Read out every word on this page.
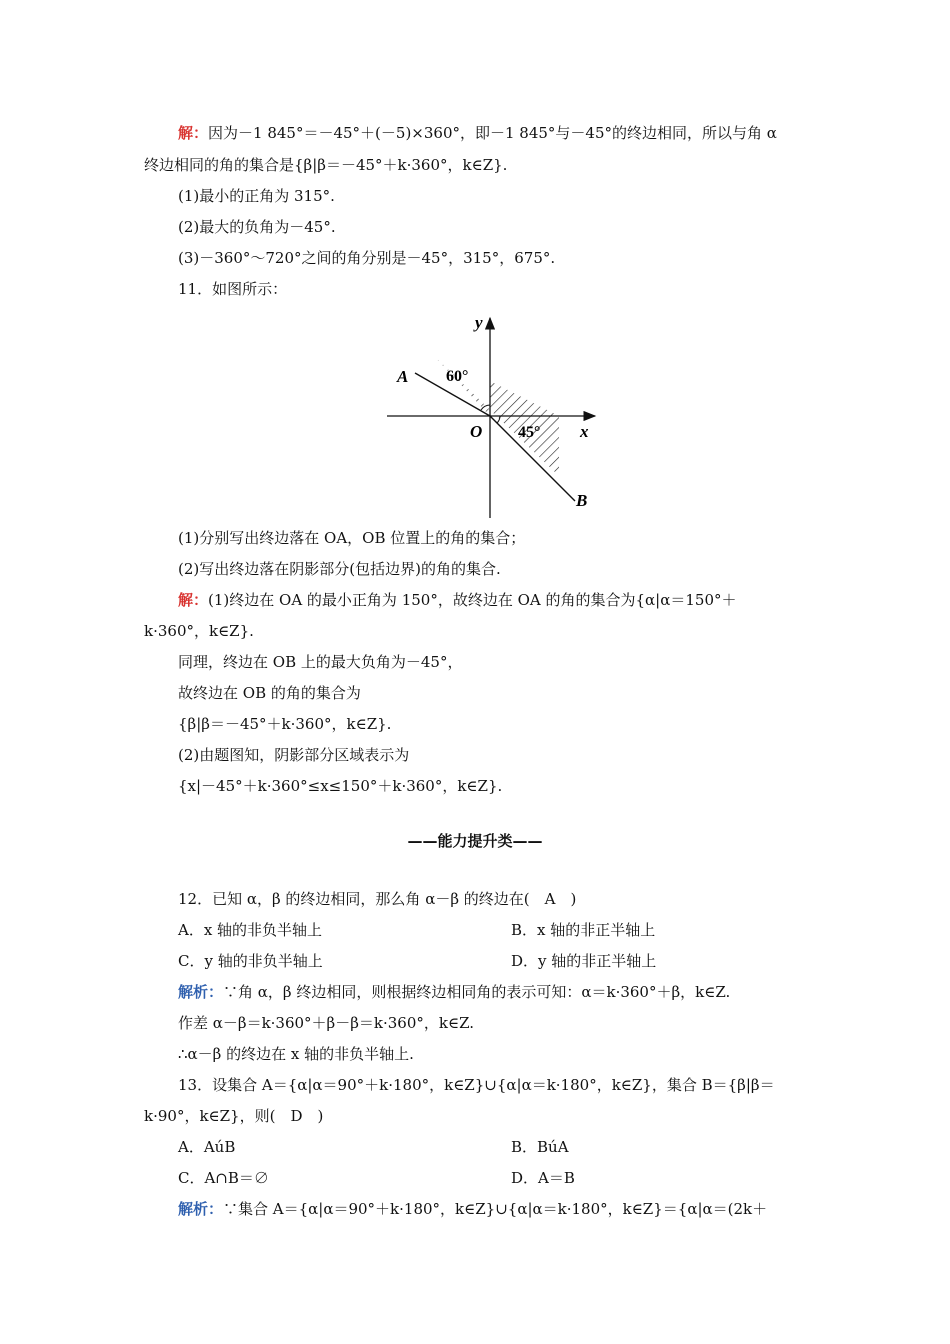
解：因为－1 845°＝－45°＋(－5)×360°，即－1 845°与－45°的终边相同，所以与角 α
终边相同的角的集合是{β|β＝－45°＋k·360°，k∈Z}.
(1)最小的正角为 315°.
(2)最大的负角为－45°.
(3)－360°～720°之间的角分别是－45°，315°，675°.
11．如图所示：
y
x
O
A
B
60°
45°
(1)分别写出终边落在 OA，OB 位置上的角的集合；
(2)写出终边落在阴影部分(包括边界)的角的集合.
解：(1)终边在 OA 的最小正角为 150°，故终边在 OA 的角的集合为{α|α＝150°＋
k·360°，k∈Z}.
同理，终边在 OB 上的最大负角为－45°，
故终边在 OB 的角的集合为
{β|β＝－45°＋k·360°，k∈Z}.
(2)由题图知，阴影部分区域表示为
{x|－45°＋k·360°≤x≤150°＋k·360°，k∈Z}.
——能力提升类——
12．已知 α，β 的终边相同，那么角 α－β 的终边在(　A　)
A．x 轴的非负半轴上	B．x 轴的非正半轴上
C．y 轴的非负半轴上	D．y 轴的非正半轴上
解析：∵角 α，β 终边相同，则根据终边相同角的表示可知：α＝k·360°＋β，k∈Z.
作差 α－β＝k·360°＋β－β＝k·360°，k∈Z.
∴α－β 的终边在 x 轴的非负半轴上.
13．设集合 A＝{α|α＝90°＋k·180°，k∈Z}∪{α|α＝k·180°，k∈Z}，集合 B＝{β|β＝
k·90°，k∈Z}，则(　D　)
A．AúB	B．BúA
C．A∩B＝∅	D．A＝B
解析：∵集合 A＝{α|α＝90°＋k·180°，k∈Z}∪{α|α＝k·180°，k∈Z}＝{α|α＝(2k＋
